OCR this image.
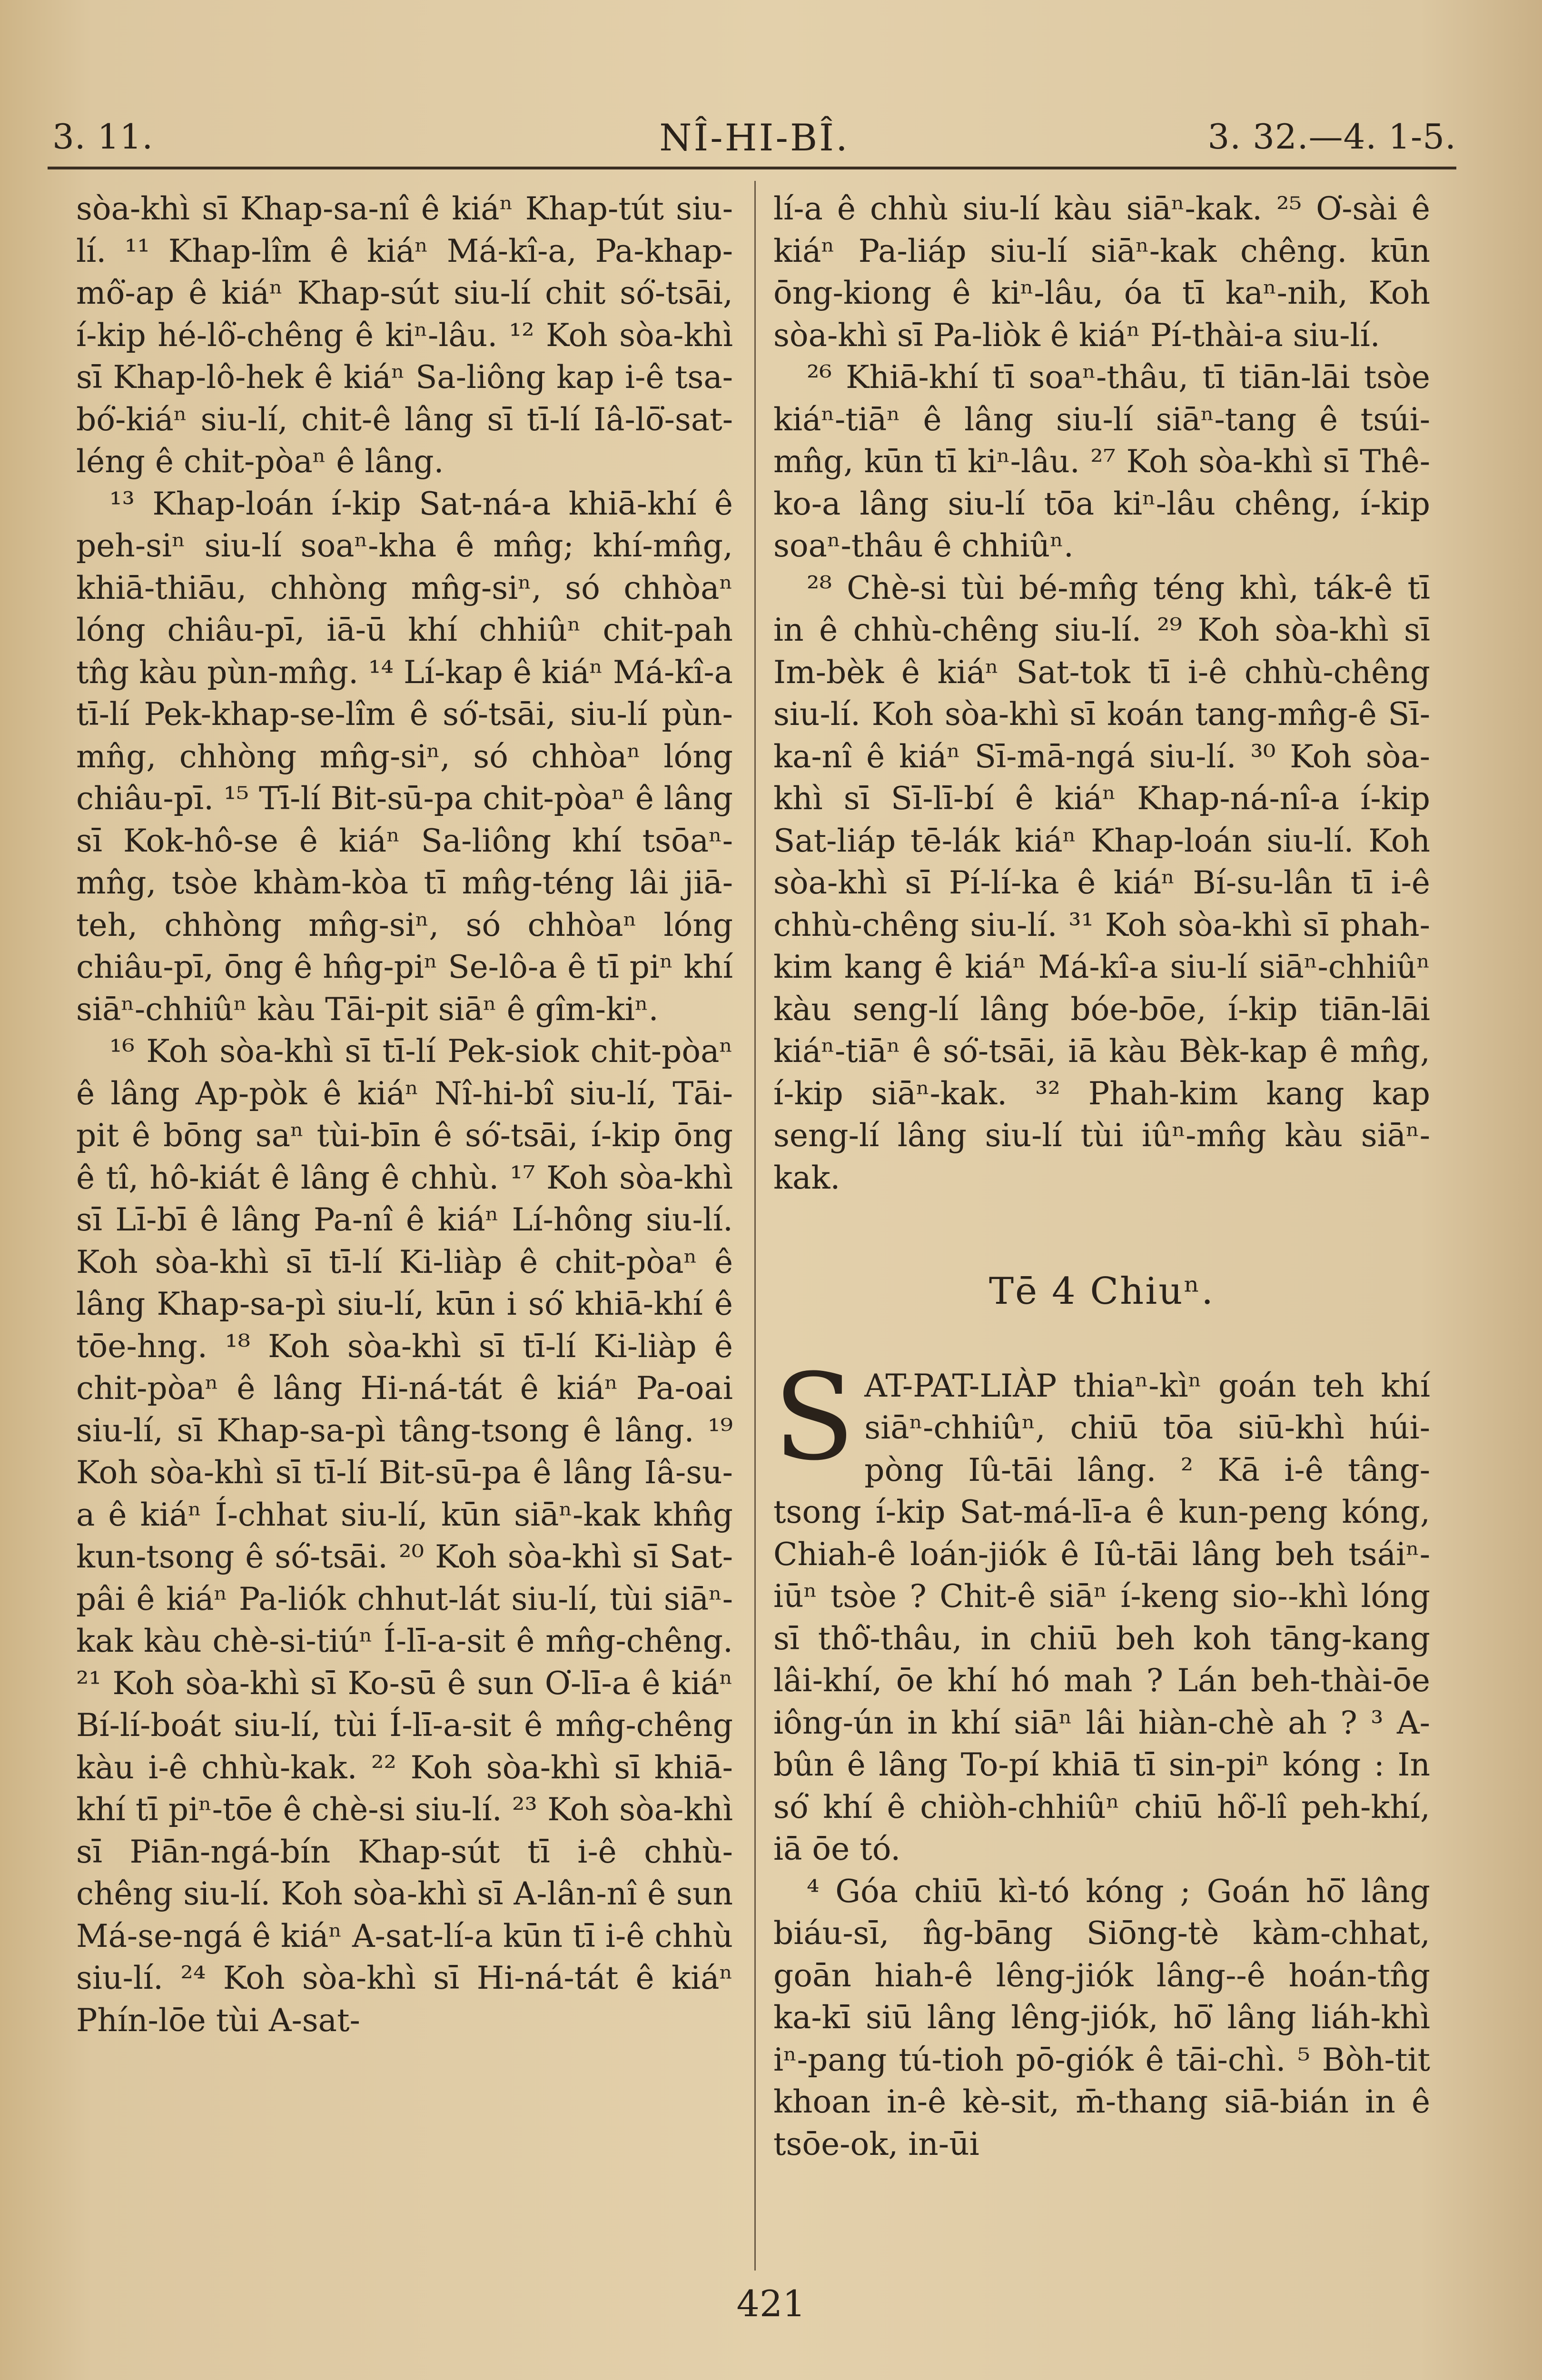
3. 11.	NÎ-HI-BÎ.	3. 32.—4. 1-5.

sòa-khì sī Khap-sa-nî ê kiáⁿ Khap-tút siu-lí. ¹¹ Khap-lîm ê kiáⁿ Má-kî-a, Pa-khap-mô͘-ap ê kiáⁿ Khap-sút siu-lí chit só͘-tsāi, í-kip hé-lô͘-chêng ê kiⁿ-lâu. ¹² Koh sòa-khì sī Khap-lô-hek ê kiáⁿ Sa-liông kap i-ê tsa-bó͘-kiáⁿ siu-lí, chit-ê lâng sī tī-lí Iâ-lō͘-sat-léng ê chit-pòaⁿ ê lâng.

¹³ Khap-loán í-kip Sat-ná-a khiā-khí ê peh-siⁿ siu-lí soaⁿ-kha ê mn̂g; khí-mn̂g, khiā-thiāu, chhòng mn̂g-siⁿ, só chhòaⁿ lóng chiâu-pī, iā-ū khí chhiûⁿ chit-pah tn̂g kàu pùn-mn̂g. ¹⁴ Lí-kap ê kiáⁿ Má-kî-a tī-lí Pek-khap-se-lîm ê só͘-tsāi, siu-lí pùn-mn̂g, chhòng mn̂g-siⁿ, só chhòaⁿ lóng chiâu-pī. ¹⁵ Tī-lí Bit-sū-pa chit-pòaⁿ ê lâng sī Kok-hô-se ê kiáⁿ Sa-liông khí tsōaⁿ-mn̂g, tsòe khàm-kòa tī mn̂g-téng lâi jiā-teh, chhòng mn̂g-siⁿ, só chhòaⁿ lóng chiâu-pī, ōng ê hn̂g-piⁿ Se-lô-a ê tī piⁿ khí siāⁿ-chhiûⁿ kàu Tāi-pit siāⁿ ê gîm-kiⁿ.

¹⁶ Koh sòa-khì sī tī-lí Pek-siok chit-pòaⁿ ê lâng Ap-pòk ê kiáⁿ Nî-hi-bî siu-lí, Tāi-pit ê bōng saⁿ tùi-bīn ê só͘-tsāi, í-kip ōng ê tî, hô-kiát ê lâng ê chhù. ¹⁷ Koh sòa-khì sī Lī-bī ê lâng Pa-nî ê kiáⁿ Lí-hông siu-lí. Koh sòa-khì sī tī-lí Ki-liàp ê chit-pòaⁿ ê lâng Khap-sa-pì siu-lí, kūn i só͘ khiā-khí ê tōe-hng. ¹⁸ Koh sòa-khì sī tī-lí Ki-liàp ê chit-pòaⁿ ê lâng Hi-ná-tát ê kiáⁿ Pa-oai siu-lí, sī Khap-sa-pì tâng-tsong ê lâng. ¹⁹ Koh sòa-khì sī tī-lí Bit-sū-pa ê lâng Iâ-su-a ê kiáⁿ Í-chhat siu-lí, kūn siāⁿ-kak khn̂g kun-tsong ê só͘-tsāi. ²⁰ Koh sòa-khì sī Sat-pâi ê kiáⁿ Pa-liók chhut-lát siu-lí, tùi siāⁿ-kak kàu chè-si-tiúⁿ Í-lī-a-sit ê mn̂g-chêng. ²¹ Koh sòa-khì sī Ko-sū ê sun O͘-lī-a ê kiáⁿ Bí-lí-boát siu-lí, tùi Í-lī-a-sit ê mn̂g-chêng kàu i-ê chhù-kak. ²² Koh sòa-khì sī khiā-khí tī piⁿ-tōe ê chè-si siu-lí. ²³ Koh sòa-khì sī Piān-ngá-bín Khap-sút tī i-ê chhù-chêng siu-lí. Koh sòa-khì sī A-lân-nî ê sun Má-se-ngá ê kiáⁿ A-sat-lí-a kūn tī i-ê chhù siu-lí. ²⁴ Koh sòa-khì sī Hi-ná-tát ê kiáⁿ Phín-lōe tùi A-sat-

lí-a ê chhù siu-lí kàu siāⁿ-kak. ²⁵ O͘-sài ê kiáⁿ Pa-liáp siu-lí siāⁿ-kak chêng. kūn ōng-kiong ê kiⁿ-lâu, óa tī kaⁿ-nih, Koh sòa-khì sī Pa-liòk ê kiáⁿ Pí-thài-a siu-lí.

²⁶ Khiā-khí tī soaⁿ-thâu, tī tiān-lāi tsòe kiáⁿ-tiāⁿ ê lâng siu-lí siāⁿ-tang ê tsúi-mn̂g, kūn tī kiⁿ-lâu. ²⁷ Koh sòa-khì sī Thê-ko-a lâng siu-lí tōa kiⁿ-lâu chêng, í-kip soaⁿ-thâu ê chhiûⁿ.

²⁸ Chè-si tùi bé-mn̂g téng khì, ták-ê tī in ê chhù-chêng siu-lí. ²⁹ Koh sòa-khì sī Im-bèk ê kiáⁿ Sat-tok tī i-ê chhù-chêng siu-lí. Koh sòa-khì sī koán tang-mn̂g-ê Sī-ka-nî ê kiáⁿ Sī-mā-ngá siu-lí. ³⁰ Koh sòa-khì sī Sī-lī-bí ê kiáⁿ Khap-ná-nî-a í-kip Sat-liáp tē-lák kiáⁿ Khap-loán siu-lí. Koh sòa-khì sī Pí-lí-ka ê kiáⁿ Bí-su-lân tī i-ê chhù-chêng siu-lí. ³¹ Koh sòa-khì sī phah-kim kang ê kiáⁿ Má-kî-a siu-lí siāⁿ-chhiûⁿ kàu seng-lí lâng bóe-bōe, í-kip tiān-lāi kiáⁿ-tiāⁿ ê só͘-tsāi, iā kàu Bèk-kap ê mn̂g, í-kip siāⁿ-kak. ³² Phah-kim kang kap seng-lí lâng siu-lí tùi iûⁿ-mn̂g kàu siāⁿ-kak.

Tē 4 Chiuⁿ.

S AT-PAT-LIÀP thiaⁿ-kìⁿ goán teh khí siāⁿ-chhiûⁿ, chiū tōa siū-khì húi-pòng Iû-tāi lâng. ² Kā i-ê tâng-tsong í-kip Sat-má-lī-a ê kun-peng kóng, Chiah-ê loán-jiók ê Iû-tāi lâng beh tsáiⁿ-iūⁿ tsòe ? Chit-ê siāⁿ í-keng sio--khì lóng sī thô͘-thâu, in chiū beh koh tāng-kang lâi-khí, ōe khí hó mah ? Lán beh-thài-ōe iông-ún in khí siāⁿ lâi hiàn-chè ah ? ³ A-bûn ê lâng To-pí khiā tī sin-piⁿ kóng : In só͘ khí ê chiòh-chhiûⁿ chiū hô͘-lî peh-khí, iā ōe tó.

⁴ Góa chiū kì-tó kóng ; Goán hō͘ lâng biáu-sī, n̂g-bāng Siōng-tè kàm-chhat, goān hiah-ê lêng-jiók lâng--ê hoán-tn̂g ka-kī siū lâng lêng-jiók, hō͘ lâng liáh-khì iⁿ-pang tú-tioh pō-giók ê tāi-chì. ⁵ Bòh-tit khoan in-ê kè-sit, m̄-thang siā-bián in ê tsōe-ok, in-ūi

421
